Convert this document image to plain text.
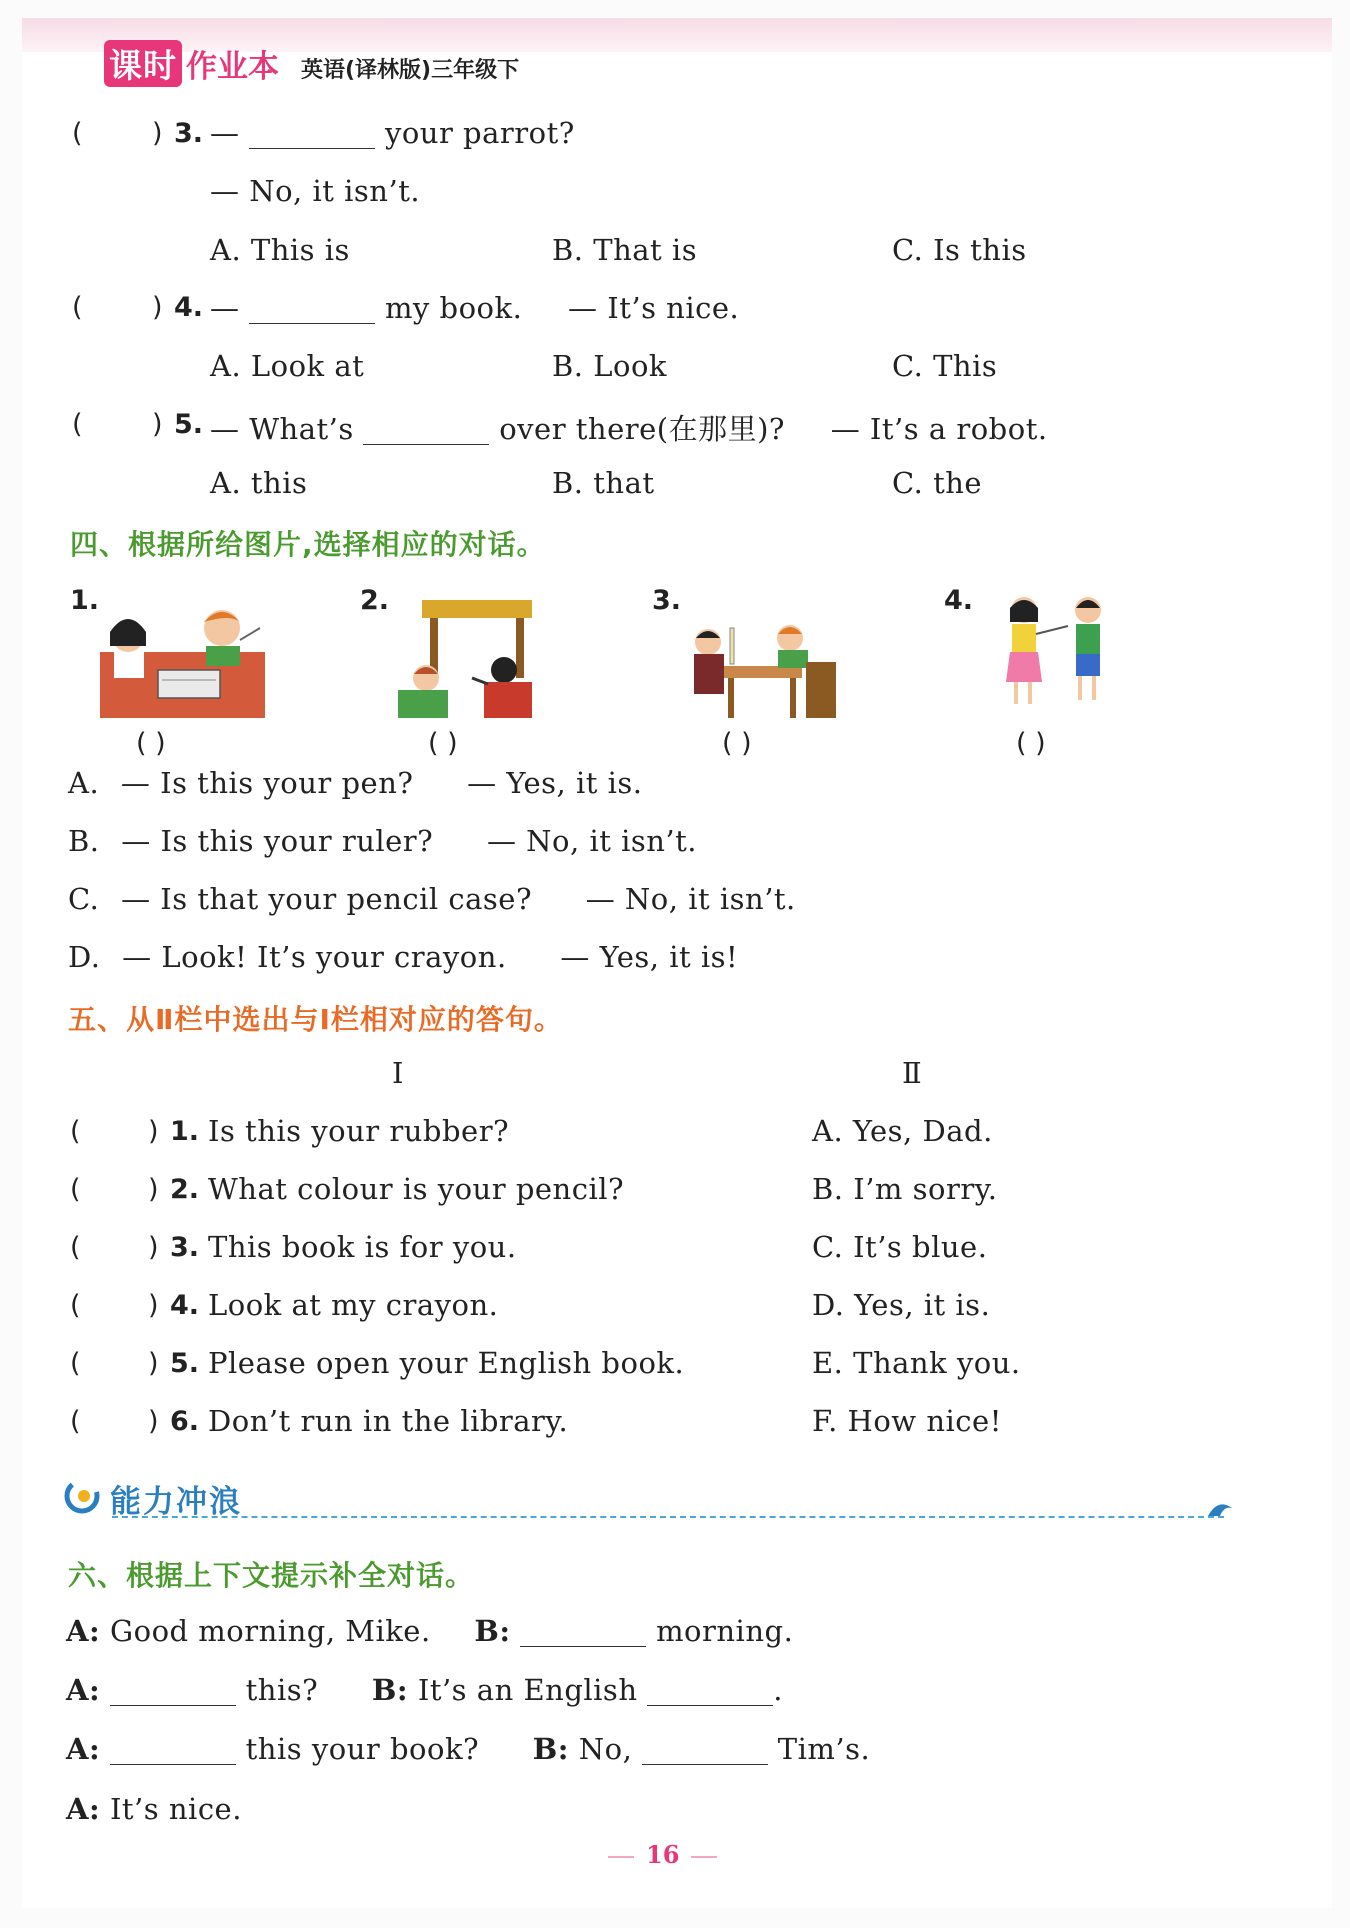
课时 作业本 英语(译林版)三年级下
(	) 3. —	your parrot?
— No, it isn’t.
A. This is	B. That is	C. Is this
(	) 4. —	my book. — It’s nice.
A. Look at	B. Look	C. This
(	) 5. — What’s	over there(在那里)? — It’s a robot.
A. this	B. that	C. the
四、根据所给图片,选择相应的对话。
1.	2.	3.	4.
( )	( )	( )	( )
A. — Is this your pen? — Yes, it is.
B. — Is this your ruler? — No, it isn’t.
C. — Is that your pencil case? — No, it isn’t.
D. — Look! It’s your crayon. — Yes, it is!
五、从Ⅱ栏中选出与Ⅰ栏相对应的答句。
Ⅰ	Ⅱ
( ) 1. Is this your rubber?	A. Yes, Dad.
( ) 2. What colour is your pencil?	B. I’m sorry.
( ) 3. This book is for you.	C. It’s blue.
( ) 4. Look at my crayon.	D. Yes, it is.
( ) 5. Please open your English book.	E. Thank you.
( ) 6. Don’t run in the library.	F. How nice!
能力冲浪
六、根据上下文提示补全对话。
A: Good morning, Mike. B:	morning.
A:	this? B: It’s an English	.
A:	this your book? B: No,	Tim’s.
A: It’s nice.
16
